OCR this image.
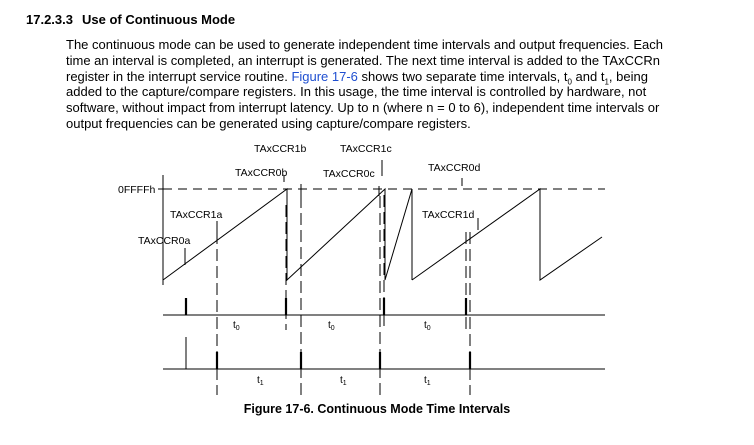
17.2.3.3 Use of Continuous Mode
The continuous mode can be used to generate independent time intervals and output frequencies. Each
time an interval is completed, an interrupt is generated. The next time interval is added to the TAxCCRn
register in the interrupt service routine. Figure 17-6 shows two separate time intervals, $t_0$ and $t_1$, being
added to the capture/compare registers. In this usage, the time interval is controlled by hardware, not
software, without impact from interrupt latency. Up to n (where n = 0 to 6), independent time intervals or
output frequencies can be generated using capture/compare registers.
0FFFFh
TAxCCR0a
TAxCCR1a
TAxCCR0b
TAxCCR1b
TAxCCR0c
TAxCCR1c
TAxCCR0d
TAxCCR1d
t0	t0	t0
t1	t1	t1
Figure 17-6. Continuous Mode Time Intervals
